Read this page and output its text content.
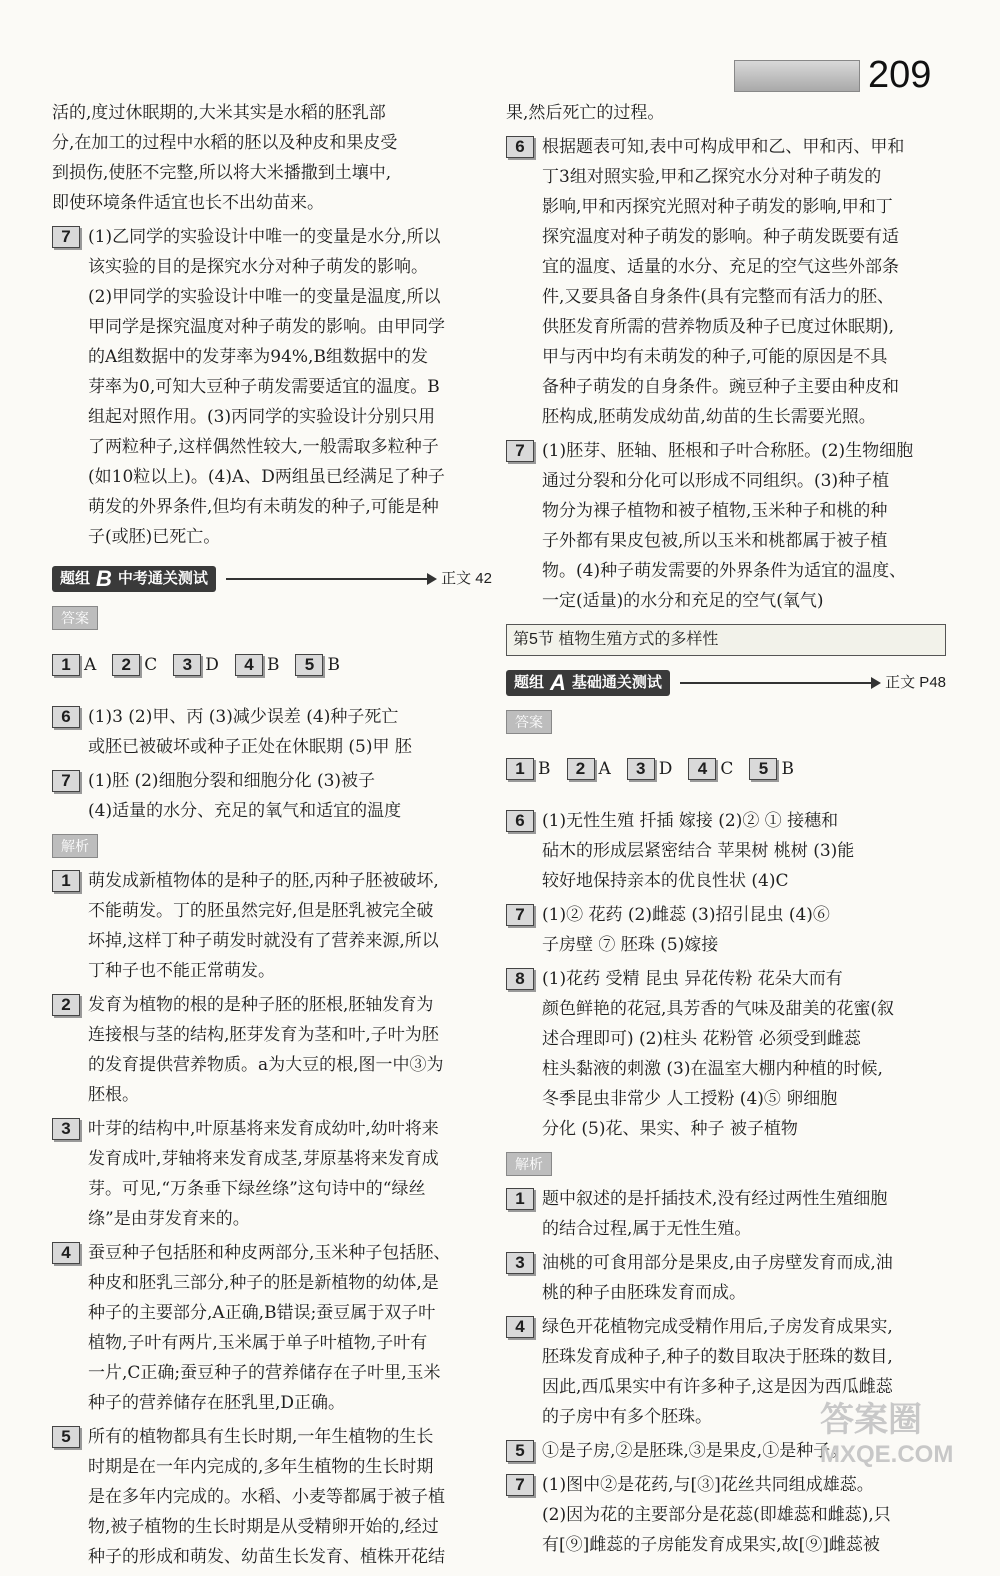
209
活的,度过休眠期的,大米其实是水稻的胚乳部
分,在加工的过程中水稻的胚以及种皮和果皮受
到损伤,使胚不完整,所以将大米播撒到土壤中,
即使环境条件适宜也长不出幼苗来。
7	(1)乙同学的实验设计中唯一的变量是水分,所以
该实验的目的是探究水分对种子萌发的影响。
(2)甲同学的实验设计中唯一的变量是温度,所以
甲同学是探究温度对种子萌发的影响。由甲同学
的A组数据中的发芽率为94%,B组数据中的发
芽率为0,可知大豆种子萌发需要适宜的温度。B
组起对照作用。(3)丙同学的实验设计分别只用
了两粒种子,这样偶然性较大,一般需取多粒种子
(如10粒以上)。(4)A、D两组虽已经满足了种子
萌发的外界条件,但均有未萌发的种子,可能是种
子(或胚)已死亡。
题组 B 中考通关测试	正文 42
答案
1 A	2 C	3 D	4 B	5 B
6	(1)3 (2)甲、丙 (3)减少误差 (4)种子死亡
或胚已被破坏或种子正处在休眠期 (5)甲 胚
7	(1)胚 (2)细胞分裂和细胞分化 (3)被子
(4)适量的水分、充足的氧气和适宜的温度
解析
1	萌发成新植物体的是种子的胚,丙种子胚被破坏,
不能萌发。丁的胚虽然完好,但是胚乳被完全破
坏掉,这样丁种子萌发时就没有了营养来源,所以
丁种子也不能正常萌发。
2	发育为植物的根的是种子胚的胚根,胚轴发育为
连接根与茎的结构,胚芽发育为茎和叶,子叶为胚
的发育提供营养物质。a为大豆的根,图一中③为
胚根。
3	叶芽的结构中,叶原基将来发育成幼叶,幼叶将来
发育成叶,芽轴将来发育成茎,芽原基将来发育成
芽。可见,“万条垂下绿丝绦”这句诗中的“绿丝
绦”是由芽发育来的。
4	蚕豆种子包括胚和种皮两部分,玉米种子包括胚、
种皮和胚乳三部分,种子的胚是新植物的幼体,是
种子的主要部分,A正确,B错误;蚕豆属于双子叶
植物,子叶有两片,玉米属于单子叶植物,子叶有
一片,C正确;蚕豆种子的营养储存在子叶里,玉米
种子的营养储存在胚乳里,D正确。
5	所有的植物都具有生长时期,一年生植物的生长
时期是在一年内完成的,多年生植物的生长时期
是在多年内完成的。水稻、小麦等都属于被子植
物,被子植物的生长时期是从受精卵开始的,经过
种子的形成和萌发、幼苗生长发育、植株开花结
果,然后死亡的过程。
6	根据题表可知,表中可构成甲和乙、甲和丙、甲和
丁3组对照实验,甲和乙探究水分对种子萌发的
影响,甲和丙探究光照对种子萌发的影响,甲和丁
探究温度对种子萌发的影响。种子萌发既要有适
宜的温度、适量的水分、充足的空气这些外部条
件,又要具备自身条件(具有完整而有活力的胚、
供胚发育所需的营养物质及种子已度过休眠期),
甲与丙中均有未萌发的种子,可能的原因是不具
备种子萌发的自身条件。豌豆种子主要由种皮和
胚构成,胚萌发成幼苗,幼苗的生长需要光照。
7	(1)胚芽、胚轴、胚根和子叶合称胚。(2)生物细胞
通过分裂和分化可以形成不同组织。(3)种子植
物分为裸子植物和被子植物,玉米种子和桃的种
子外都有果皮包被,所以玉米和桃都属于被子植
物。(4)种子萌发需要的外界条件为适宜的温度、
一定(适量)的水分和充足的空气(氧气)
第5节 植物生殖方式的多样性
题组 A 基础通关测试	正文 P48
答案
1 B	2 A	3 D	4 C	5 B
6	(1)无性生殖 扦插 嫁接 (2)② ① 接穗和
砧木的形成层紧密结合 苹果树 桃树 (3)能
较好地保持亲本的优良性状 (4)C
7	(1)② 花药 (2)雌蕊 (3)招引昆虫 (4)⑥
子房壁 ⑦ 胚珠 (5)嫁接
8	(1)花药 受精 昆虫 异花传粉 花朵大而有
颜色鲜艳的花冠,具芳香的气味及甜美的花蜜(叙
述合理即可) (2)柱头 花粉管 必须受到雌蕊
柱头黏液的刺激 (3)在温室大棚内种植的时候,
冬季昆虫非常少 人工授粉 (4)⑤ 卵细胞
分化 (5)花、果实、种子 被子植物
解析
1	题中叙述的是扦插技术,没有经过两性生殖细胞
的结合过程,属于无性生殖。
3	油桃的可食用部分是果皮,由子房壁发育而成,油
桃的种子由胚珠发育而成。
4	绿色开花植物完成受精作用后,子房发育成果实,
胚珠发育成种子,种子的数目取决于胚珠的数目,
因此,西瓜果实中有许多种子,这是因为西瓜雌蕊
的子房中有多个胚珠。
5	①是子房,②是胚珠,③是果皮,①是种子。
7	(1)图中②是花药,与[③]花丝共同组成雄蕊。
(2)因为花的主要部分是花蕊(即雄蕊和雌蕊),只
有[⑨]雌蕊的子房能发育成果实,故[⑨]雌蕊被
答案圈
MXQE.COM
